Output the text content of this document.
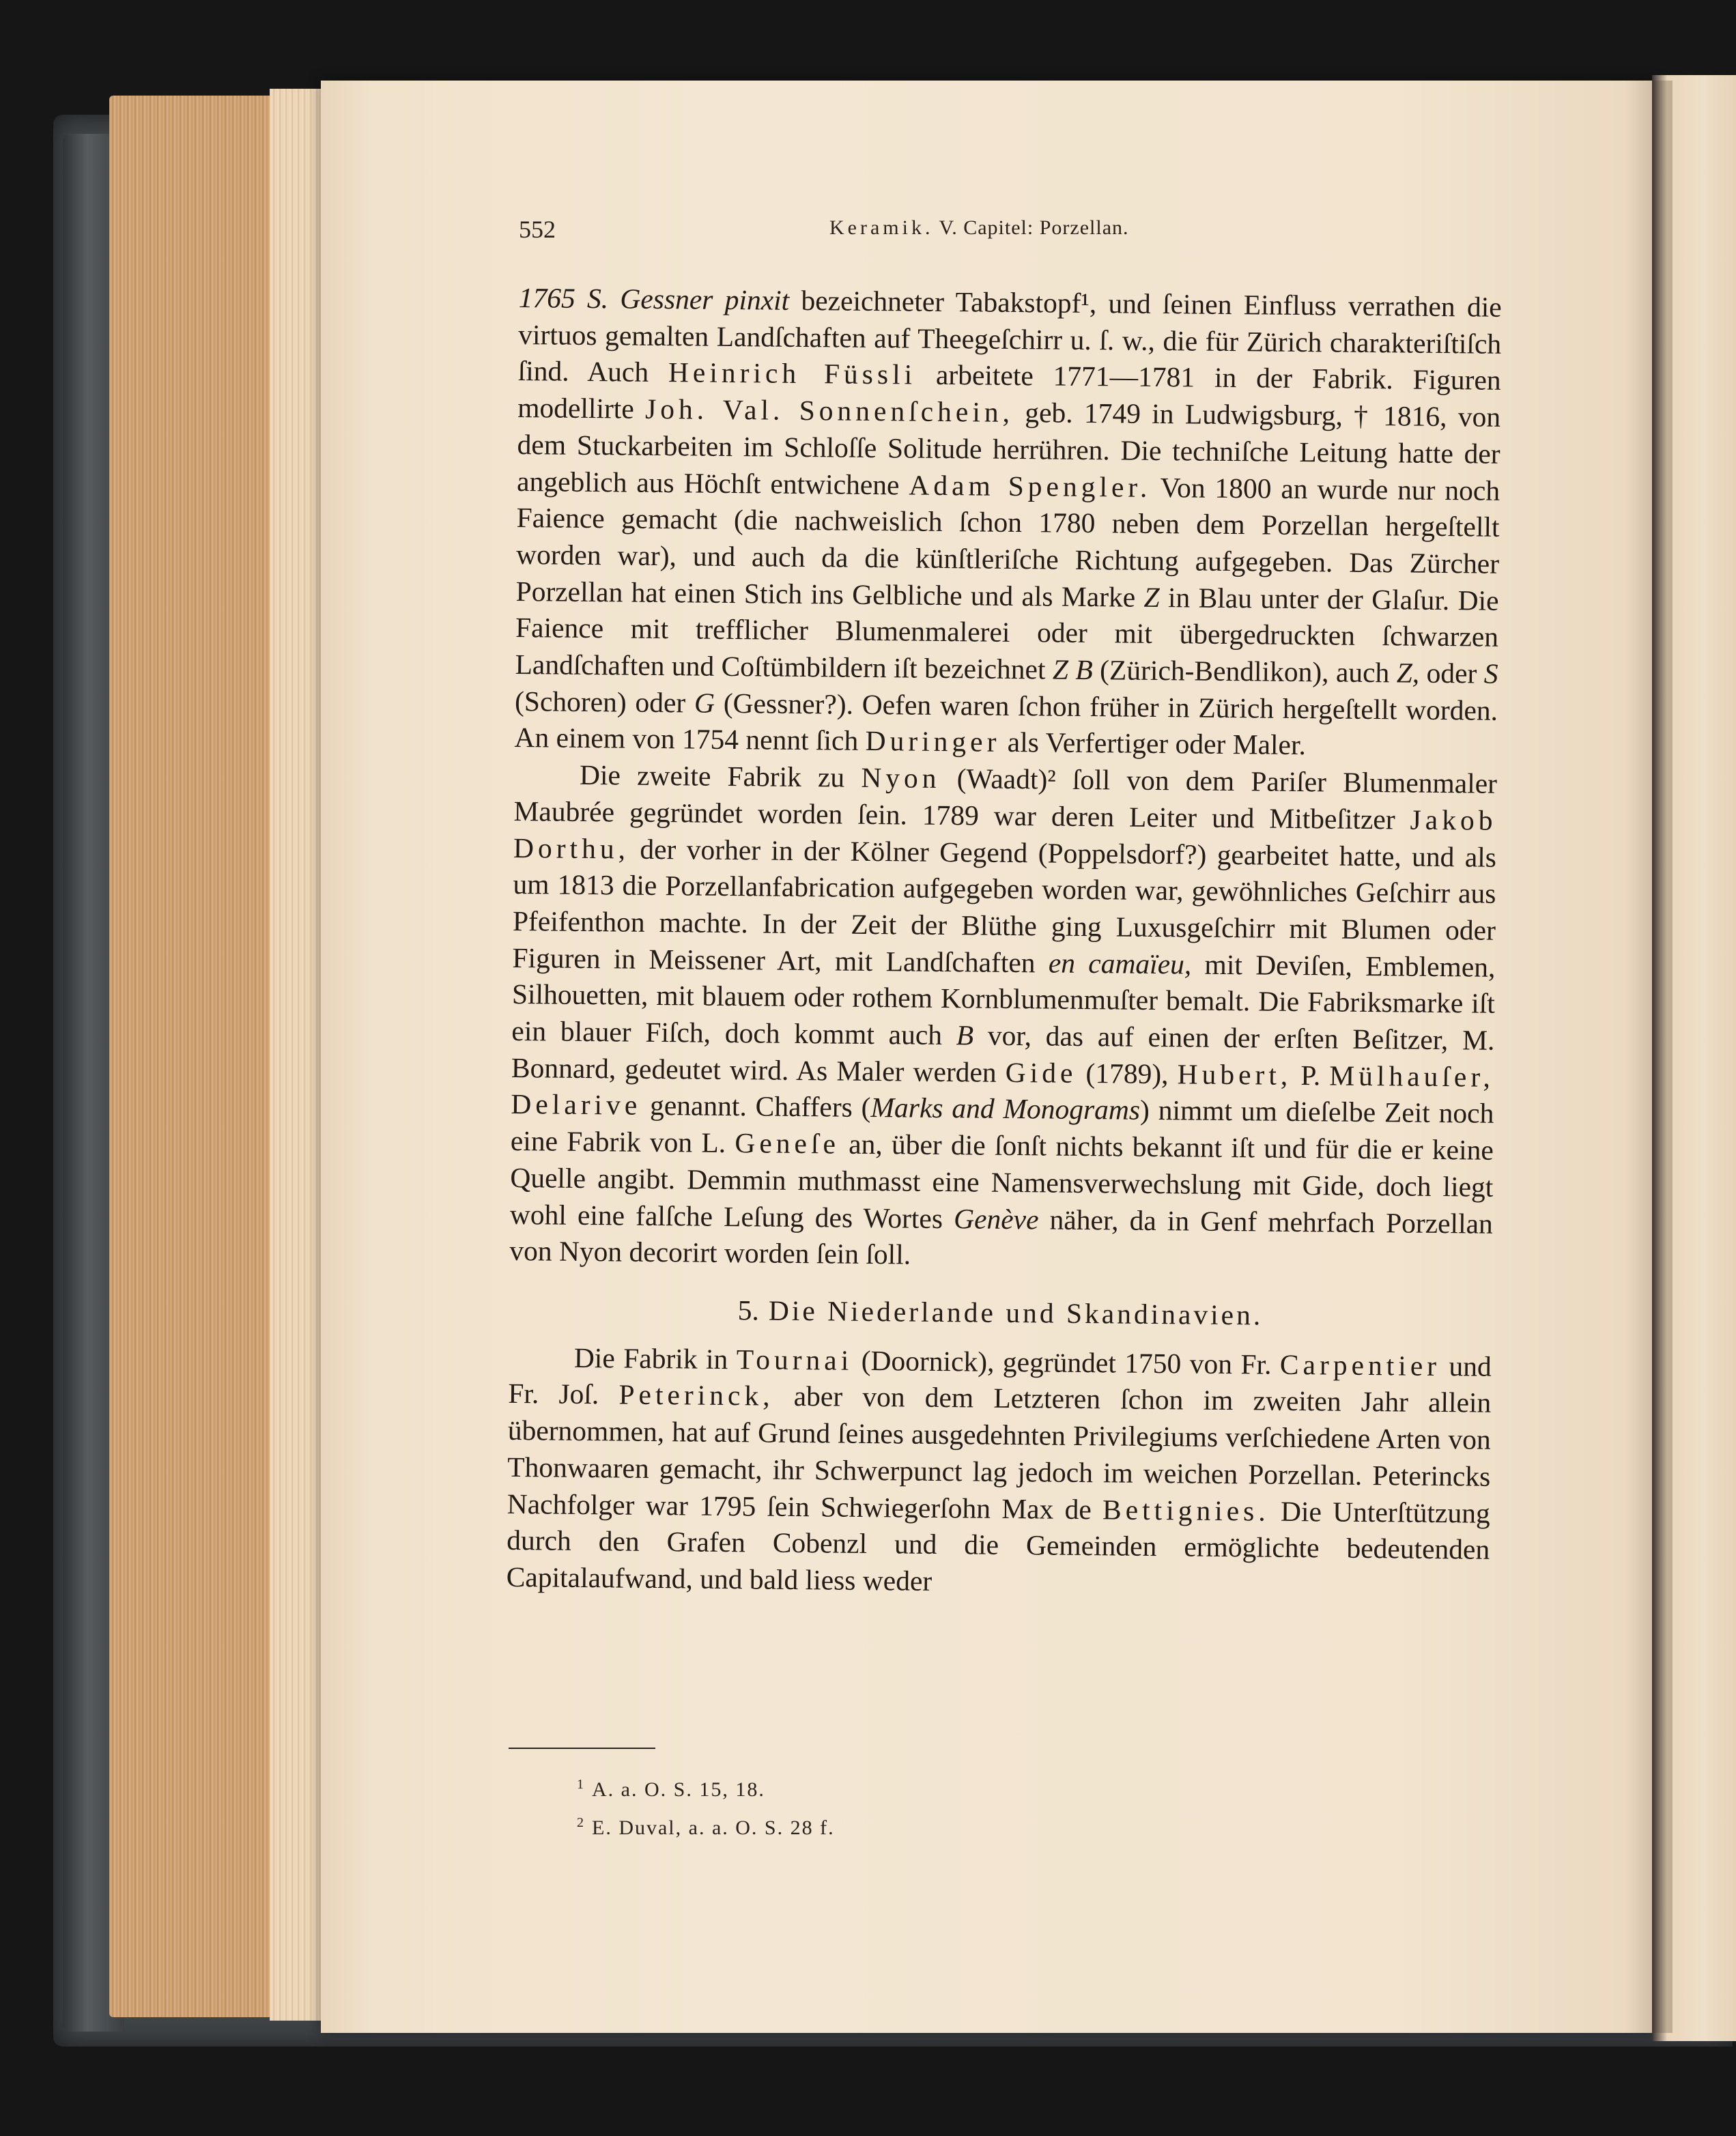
552	Keramik. V. Capitel: Porzellan.

1765 S. Gessner pinxit bezeichneter Tabakstopf¹, und ſeinen Einfluss verrathen die virtuos gemalten Landſchaften auf Theegeſchirr u. ſ. w., die für Zürich charakteriſtiſch ſind. Auch Heinrich Füssli arbeitete 1771—1781 in der Fabrik. Figuren modellirte Joh. Val. Sonnenſchein, geb. 1749 in Ludwigsburg, † 1816, von dem Stuckarbeiten im Schloſſe Solitude herrühren. Die techniſche Leitung hatte der angeblich aus Höchſt entwichene Adam Spengler. Von 1800 an wurde nur noch Faience gemacht (die nachweislich ſchon 1780 neben dem Porzellan hergeſtellt worden war), und auch da die künſtleriſche Richtung aufgegeben. Das Zürcher Porzellan hat einen Stich ins Gelbliche und als Marke Z in Blau unter der Glaſur. Die Faience mit trefflicher Blumenmalerei oder mit übergedruckten ſchwarzen Landſchaften und Coſtümbildern iſt bezeichnet Z B (Zürich-Bendlikon), auch Z, oder S (Schoren) oder G (Gessner?). Oefen waren ſchon früher in Zürich hergeſtellt worden. An einem von 1754 nennt ſich Duringer als Verfertiger oder Maler.

Die zweite Fabrik zu Nyon (Waadt)² ſoll von dem Pariſer Blumenmaler Maubrée gegründet worden ſein. 1789 war deren Leiter und Mitbeſitzer Jakob Dorthu, der vorher in der Kölner Gegend (Poppelsdorf?) gearbeitet hatte, und als um 1813 die Porzellanfabrication aufgegeben worden war, gewöhnliches Geſchirr aus Pfeifenthon machte. In der Zeit der Blüthe ging Luxusgeſchirr mit Blumen oder Figuren in Meissener Art, mit Landſchaften en camaïeu, mit Deviſen, Emblemen, Silhouetten, mit blauem oder rothem Kornblumenmuſter bemalt. Die Fabriksmarke iſt ein blauer Fiſch, doch kommt auch B vor, das auf einen der erſten Beſitzer, M. Bonnard, gedeutet wird. As Maler werden Gide (1789), Hubert, P. Mülhauſer, Delarive genannt. Chaffers (Marks and Monograms) nimmt um dieſelbe Zeit noch eine Fabrik von L. Geneſe an, über die ſonſt nichts bekannt iſt und für die er keine Quelle angibt. Demmin muthmasst eine Namensverwechslung mit Gide, doch liegt wohl eine falſche Leſung des Wortes Genève näher, da in Genf mehrfach Porzellan von Nyon decorirt worden ſein ſoll.

5. Die Niederlande und Skandinavien.

Die Fabrik in Tournai (Doornick), gegründet 1750 von Fr. Carpentier und Fr. Joſ. Peterinck, aber von dem Letzteren ſchon im zweiten Jahr allein übernommen, hat auf Grund ſeines ausgedehnten Privilegiums verſchiedene Arten von Thonwaaren gemacht, ihr Schwerpunct lag jedoch im weichen Porzellan. Peterincks Nachfolger war 1795 ſein Schwiegerſohn Max de Bettignies. Die Unterſtützung durch den Grafen Cobenzl und die Gemeinden ermöglichte bedeutenden Capitalaufwand, und bald liess weder

$^1$ A. a. O. S. 15, 18.
$^2$ E. Duval, a. a. O. S. 28 f.
